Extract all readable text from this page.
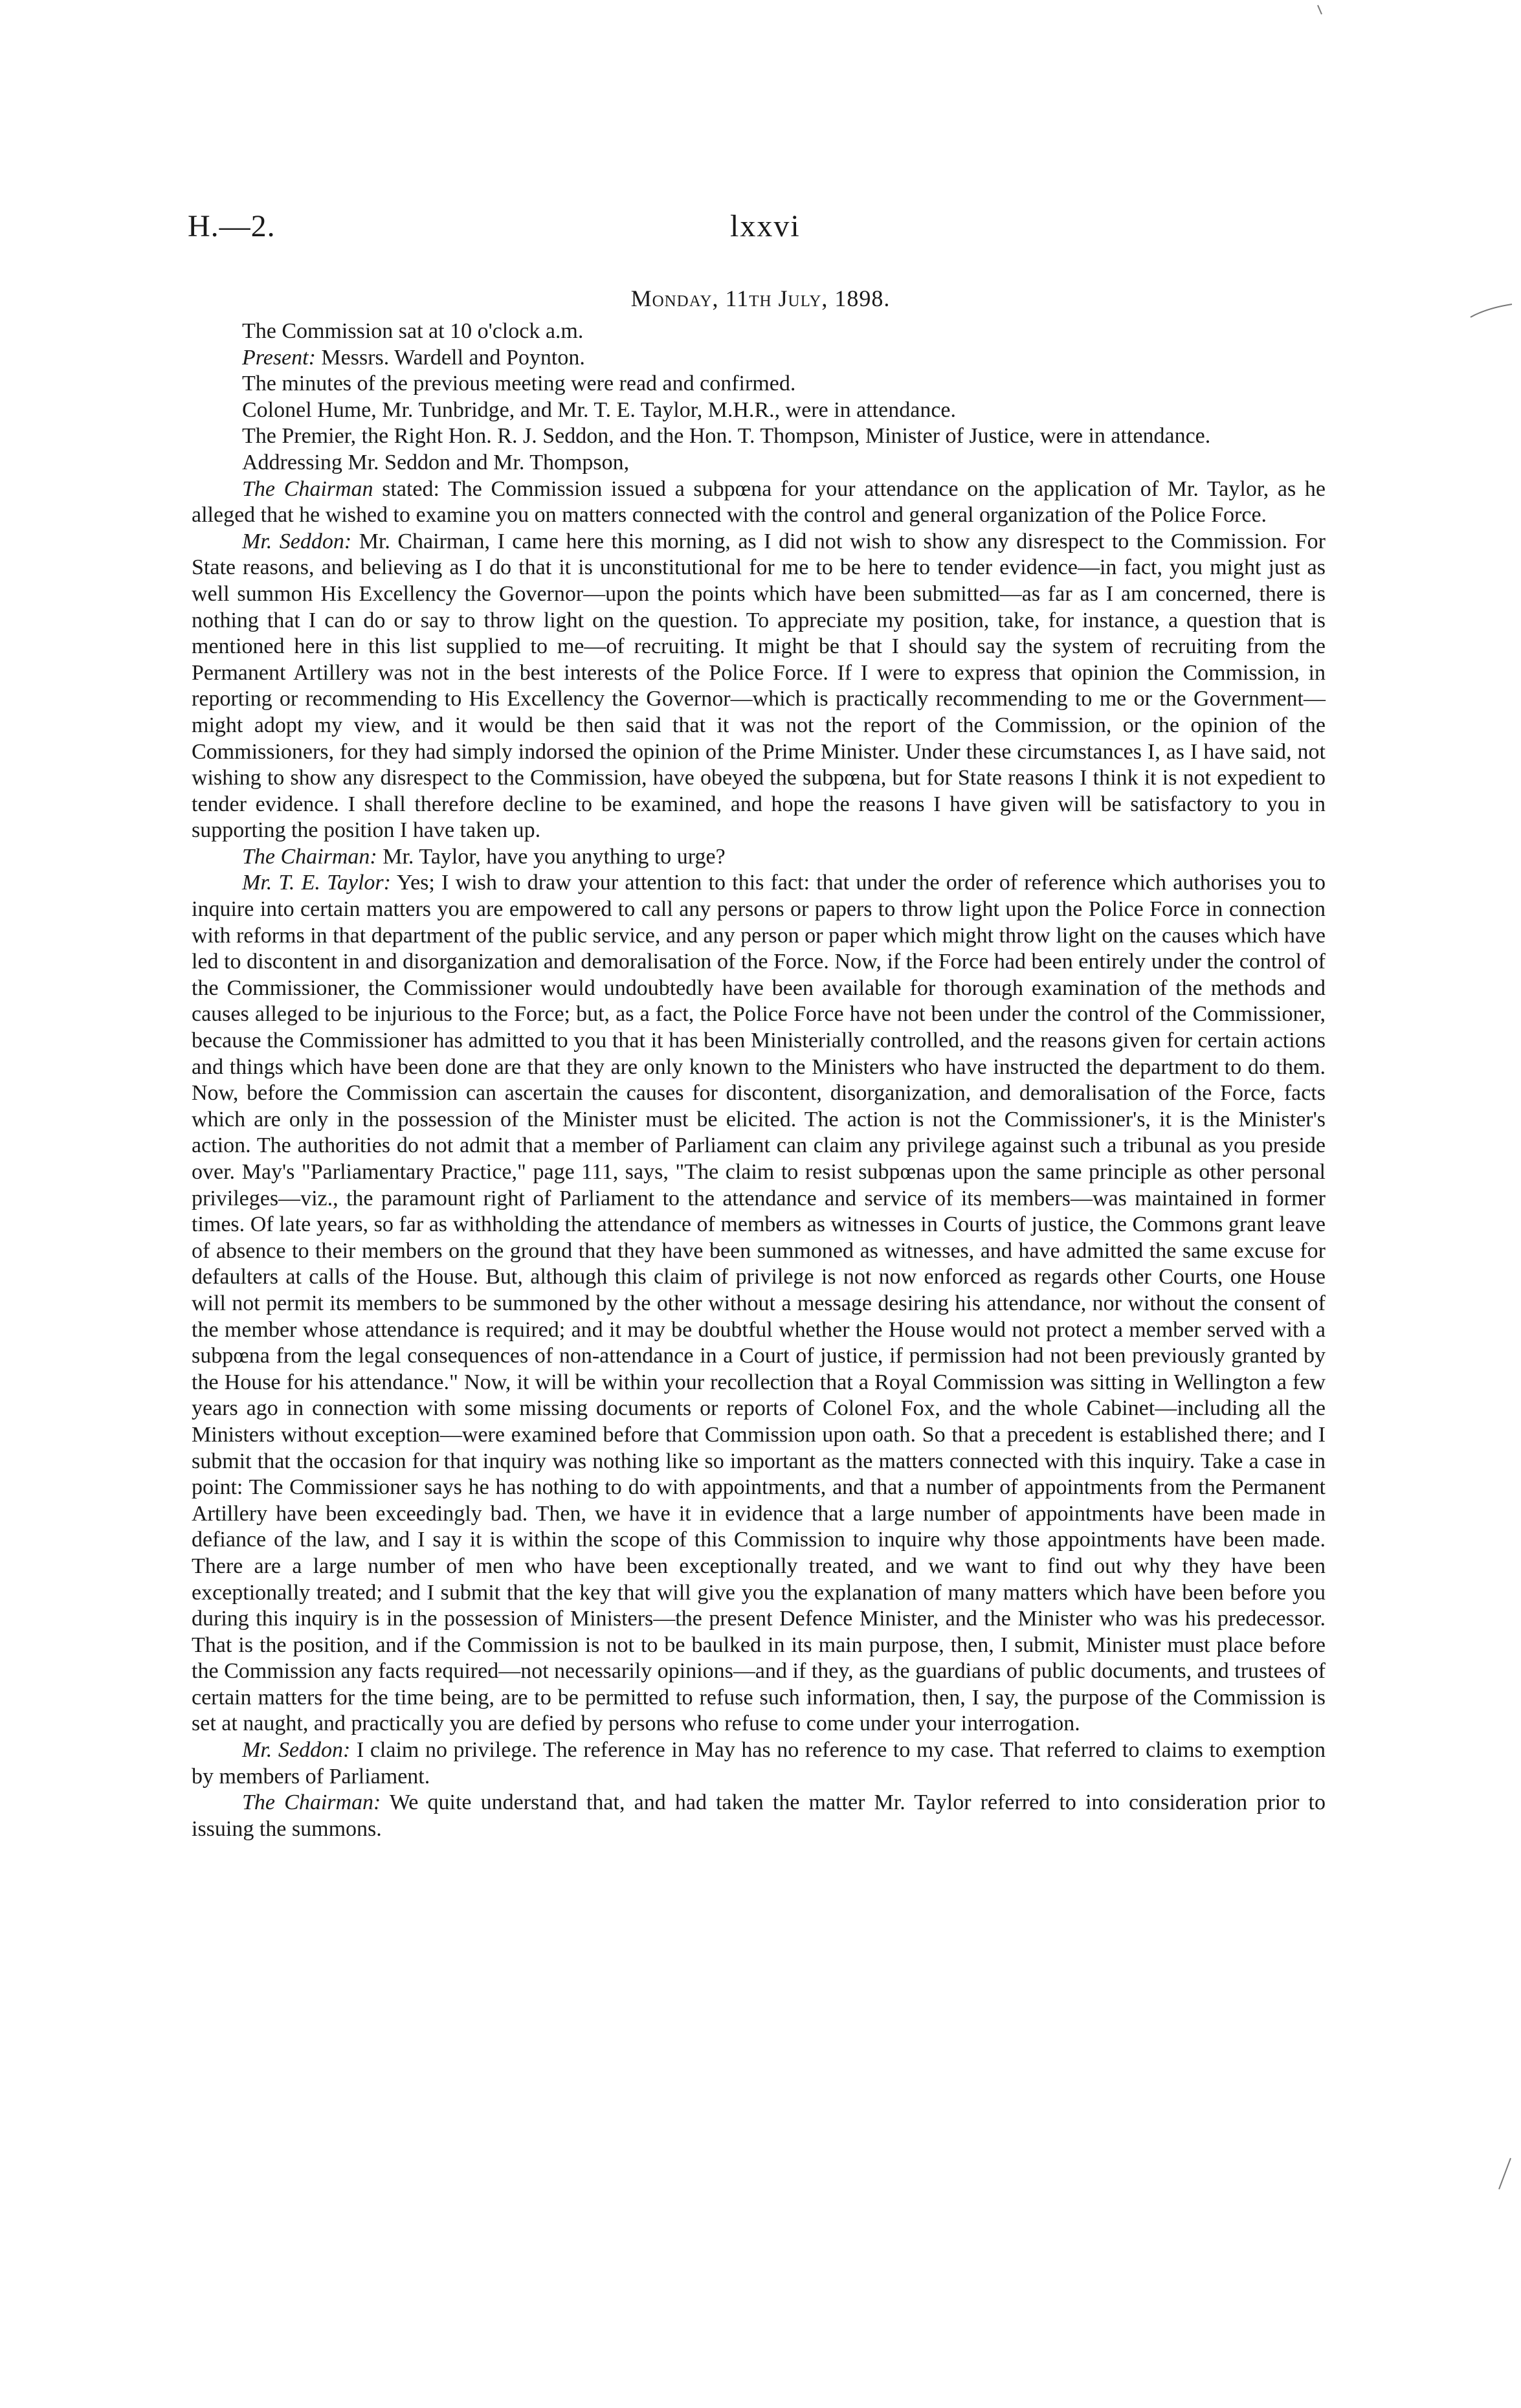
H.—2.	lxxvi
Monday, 11th July, 1898.

The Commission sat at 10 o'clock a.m.

Present: Messrs. Wardell and Poynton.

The minutes of the previous meeting were read and confirmed.

Colonel Hume, Mr. Tunbridge, and Mr. T. E. Taylor, M.H.R., were in attendance.

The Premier, the Right Hon. R. J. Seddon, and the Hon. T. Thompson, Minister of Justice, were in attendance.

Addressing Mr. Seddon and Mr. Thompson,

The Chairman stated: The Commission issued a subpœna for your attendance on the application of Mr. Taylor, as he alleged that he wished to examine you on matters connected with the control and general organization of the Police Force.

Mr. Seddon: Mr. Chairman, I came here this morning, as I did not wish to show any disrespect to the Commission. For State reasons, and believing as I do that it is unconstitutional for me to be here to tender evidence—in fact, you might just as well summon His Excellency the Governor—upon the points which have been submitted—as far as I am concerned, there is nothing that I can do or say to throw light on the question. To appreciate my position, take, for instance, a question that is mentioned here in this list supplied to me—of recruiting. It might be that I should say the system of recruiting from the Permanent Artillery was not in the best interests of the Police Force. If I were to express that opinion the Commission, in reporting or recommending to His Excellency the Governor—which is practically recommending to me or the Government—might adopt my view, and it would be then said that it was not the report of the Commission, or the opinion of the Commissioners, for they had simply indorsed the opinion of the Prime Minister. Under these circumstances I, as I have said, not wishing to show any disrespect to the Commission, have obeyed the subpœna, but for State reasons I think it is not expedient to tender evidence. I shall therefore decline to be examined, and hope the reasons I have given will be satisfactory to you in supporting the position I have taken up.

The Chairman: Mr. Taylor, have you anything to urge?

Mr. T. E. Taylor: Yes; I wish to draw your attention to this fact: that under the order of reference which authorises you to inquire into certain matters you are empowered to call any persons or papers to throw light upon the Police Force in connection with reforms in that department of the public service, and any person or paper which might throw light on the causes which have led to discontent in and disorganization and demoralisation of the Force. Now, if the Force had been entirely under the control of the Commissioner, the Commissioner would undoubtedly have been available for thorough examination of the methods and causes alleged to be injurious to the Force; but, as a fact, the Police Force have not been under the control of the Commissioner, because the Commissioner has admitted to you that it has been Ministerially controlled, and the reasons given for certain actions and things which have been done are that they are only known to the Ministers who have instructed the department to do them. Now, before the Commission can ascertain the causes for discontent, disorganization, and demoralisation of the Force, facts which are only in the possession of the Minister must be elicited. The action is not the Commissioner's, it is the Minister's action. The authorities do not admit that a member of Parliament can claim any privilege against such a tribunal as you preside over. May's "Parliamentary Practice," page 111, says, "The claim to resist subpœnas upon the same principle as other personal privileges—viz., the paramount right of Parliament to the attendance and service of its members—was maintained in former times. Of late years, so far as withholding the attendance of members as witnesses in Courts of justice, the Commons grant leave of absence to their members on the ground that they have been summoned as witnesses, and have admitted the same excuse for defaulters at calls of the House. But, although this claim of privilege is not now enforced as regards other Courts, one House will not permit its members to be summoned by the other without a message desiring his attendance, nor without the consent of the member whose attendance is required; and it may be doubtful whether the House would not protect a member served with a subpœna from the legal consequences of non-attendance in a Court of justice, if permission had not been previously granted by the House for his attendance." Now, it will be within your recollection that a Royal Commission was sitting in Wellington a few years ago in connection with some missing documents or reports of Colonel Fox, and the whole Cabinet—including all the Ministers without exception—were examined before that Commission upon oath. So that a precedent is established there; and I submit that the occasion for that inquiry was nothing like so important as the matters connected with this inquiry. Take a case in point: The Commissioner says he has nothing to do with appointments, and that a number of appointments from the Permanent Artillery have been exceedingly bad. Then, we have it in evidence that a large number of appointments have been made in defiance of the law, and I say it is within the scope of this Commission to inquire why those appointments have been made. There are a large number of men who have been exceptionally treated, and we want to find out why they have been exceptionally treated; and I submit that the key that will give you the explanation of many matters which have been before you during this inquiry is in the possession of Ministers—the present Defence Minister, and the Minister who was his predecessor. That is the position, and if the Commission is not to be baulked in its main purpose, then, I submit, Minister must place before the Commission any facts required—not necessarily opinions—and if they, as the guardians of public documents, and trustees of certain matters for the time being, are to be permitted to refuse such information, then, I say, the purpose of the Commission is set at naught, and practically you are defied by persons who refuse to come under your interrogation.

Mr. Seddon: I claim no privilege. The reference in May has no reference to my case. That referred to claims to exemption by members of Parliament.

The Chairman: We quite understand that, and had taken the matter Mr. Taylor referred to into consideration prior to issuing the summons.
